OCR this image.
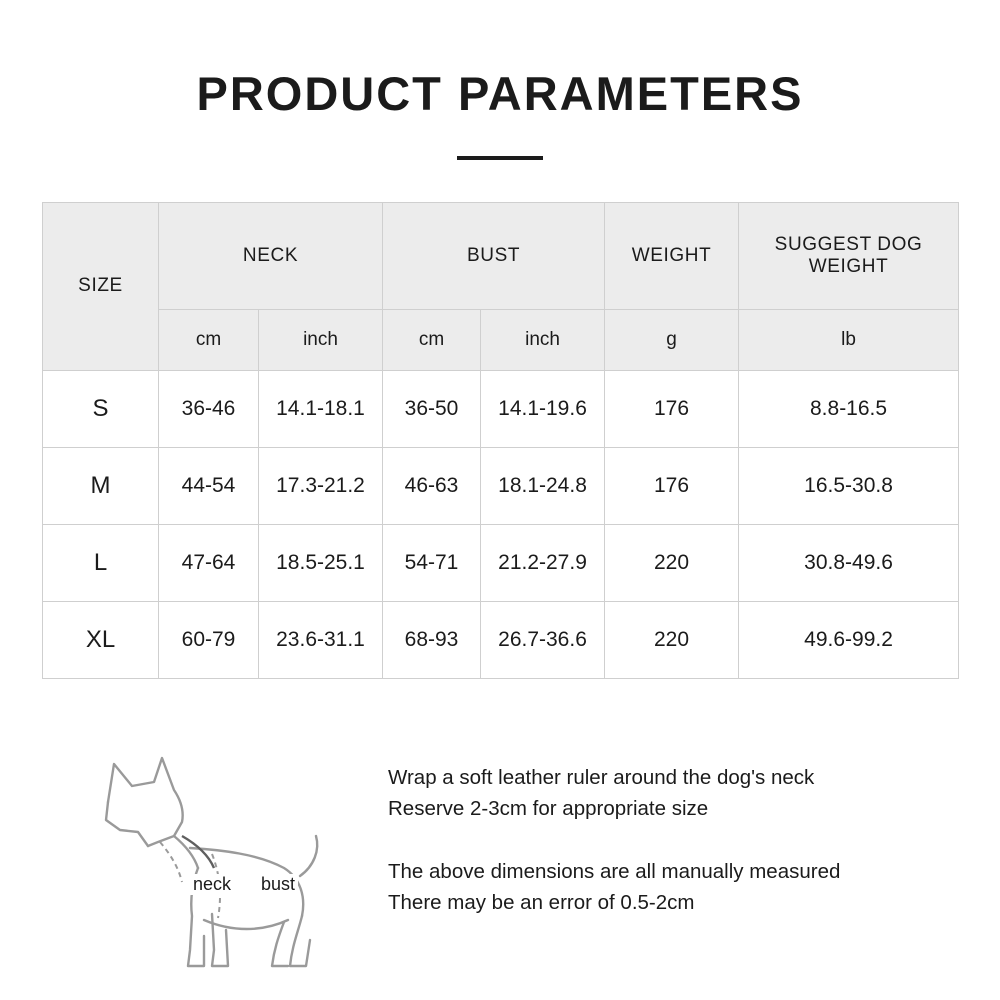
PRODUCT PARAMETERS
SIZE	NECK		BUST		WEIGHT	SUGGEST DOG WEIGHT
	cm	inch	cm	inch	g	lb
S	36-46	14.1-18.1	36-50	14.1-19.6	176	8.8-16.5
M	44-54	17.3-21.2	46-63	18.1-24.8	176	16.5-30.8
L	47-64	18.5-25.1	54-71	21.2-27.9	220	30.8-49.6
XL	60-79	23.6-31.1	68-93	26.7-36.6	220	49.6-99.2
neck bust

Wrap a soft leather ruler around the dog's neck
Reserve 2-3cm for appropriate size

The above dimensions are all manually measured
There may be an error of 0.5-2cm
